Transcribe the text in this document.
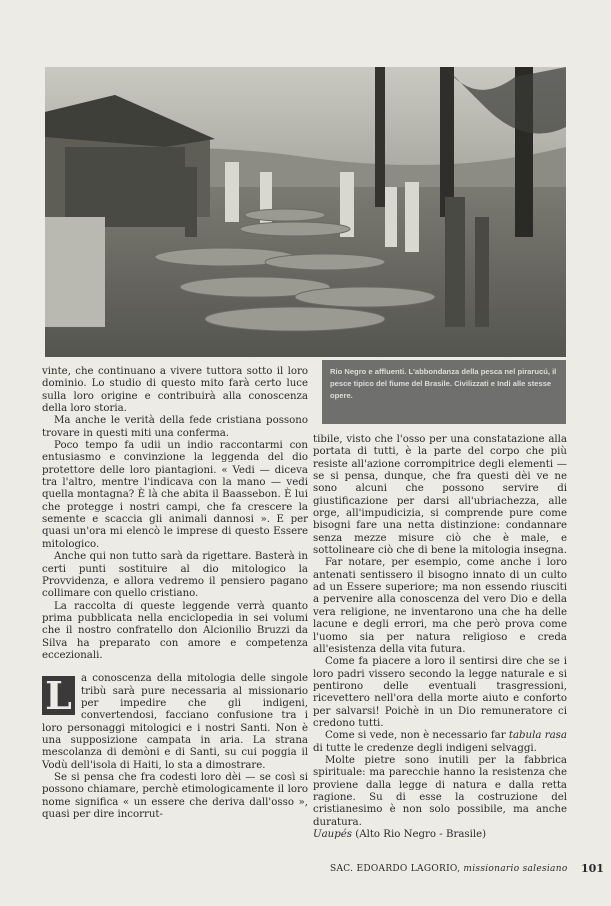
Rio Negro e affluenti. L'abbondanza della pesca nel pirarucú, il pesce tipico del fiume del Brasile. Civilizzati e Indi alle stesse opere.

vinte, che continuano a vivere tuttora sotto il loro dominio. Lo studio di questo mito farà certo luce sulla loro origine e contribuirà alla conoscenza della loro storia.

Ma anche le verità della fede cristiana possono trovare in questi miti una conferma.

Poco tempo fa udii un indio raccontarmi con entusiasmo e convinzione la leggenda del dio protettore delle loro piantagioni. « Vedi — diceva tra l'altro, mentre l'indicava con la mano — vedi quella montagna? È là che abita il Baassebon. È lui che protegge i nostri campi, che fa crescere la semente e scaccia gli animali dannosi ». E per quasi un'ora mi elencò le imprese di questo Essere mitologico.

Anche qui non tutto sarà da rigettare. Basterà in certi punti sostituire al dio mitologico la Provvidenza, e allora vedremo il pensiero pagano collimare con quello cristiano.

La raccolta di queste leggende verrà quanto prima pubblicata nella enciclopedia in sei volumi che il nostro confratello don Alcionilio Bruzzi da Silva ha preparato con amore e competenza eccezionali.

L a conoscenza della mitologia delle singole tribù sarà pure necessaria al missionario per impedire che gli indigeni, convertendosi, facciano confusione tra i loro personaggi mitologici e i nostri Santi. Non è una supposizione campata in aria. La strana mescolanza di demòni e di Santi, su cui poggia il Vodù dell'isola di Haiti, lo sta a dimostrare.

Se si pensa che fra codesti loro dèi — se così si possono chiamare, perchè etimologicamente il loro nome significa « un essere che deriva dall'osso », quasi per dire incorrut-

tibile, visto che l'osso per una constatazione alla portata di tutti, è la parte del corpo che più resiste all'azione corrompitrice degli elementi — se si pensa, dunque, che fra questi dèi ve ne sono alcuni che possono servire di giustificazione per darsi all'ubriachezza, alle orge, all'impudicizia, si comprende pure come bisogni fare una netta distinzione: condannare senza mezze misure ciò che è male, e sottolineare ciò che di bene la mitologia insegna.

Far notare, per esempio, come anche i loro antenati sentissero il bisogno innato di un culto ad un Essere superiore; ma non essendo riusciti a pervenire alla conoscenza del vero Dio e della vera religione, ne inventarono una che ha delle lacune e degli errori, ma che però prova come l'uomo sia per natura religioso e creda all'esistenza della vita futura.

Come fa piacere a loro il sentirsi dire che se i loro padri vissero secondo la legge naturale e si pentirono delle eventuali trasgressioni, ricevettero nell'ora della morte aiuto e conforto per salvarsi! Poichè in un Dio remuneratore ci credono tutti.

Come si vede, non è necessario far tabula rasa di tutte le credenze degli indigeni selvaggi.

Molte pietre sono inutili per la fabbrica spirituale: ma parecchie hanno la resistenza che proviene dalla legge di natura e dalla retta ragione. Su di esse la costruzione del cristianesimo è non solo possibile, ma anche duratura.

Uaupés (Alto Rio Negro - Brasile)

SAC. EDOARDO LAGORIO, missionario salesiano 101
